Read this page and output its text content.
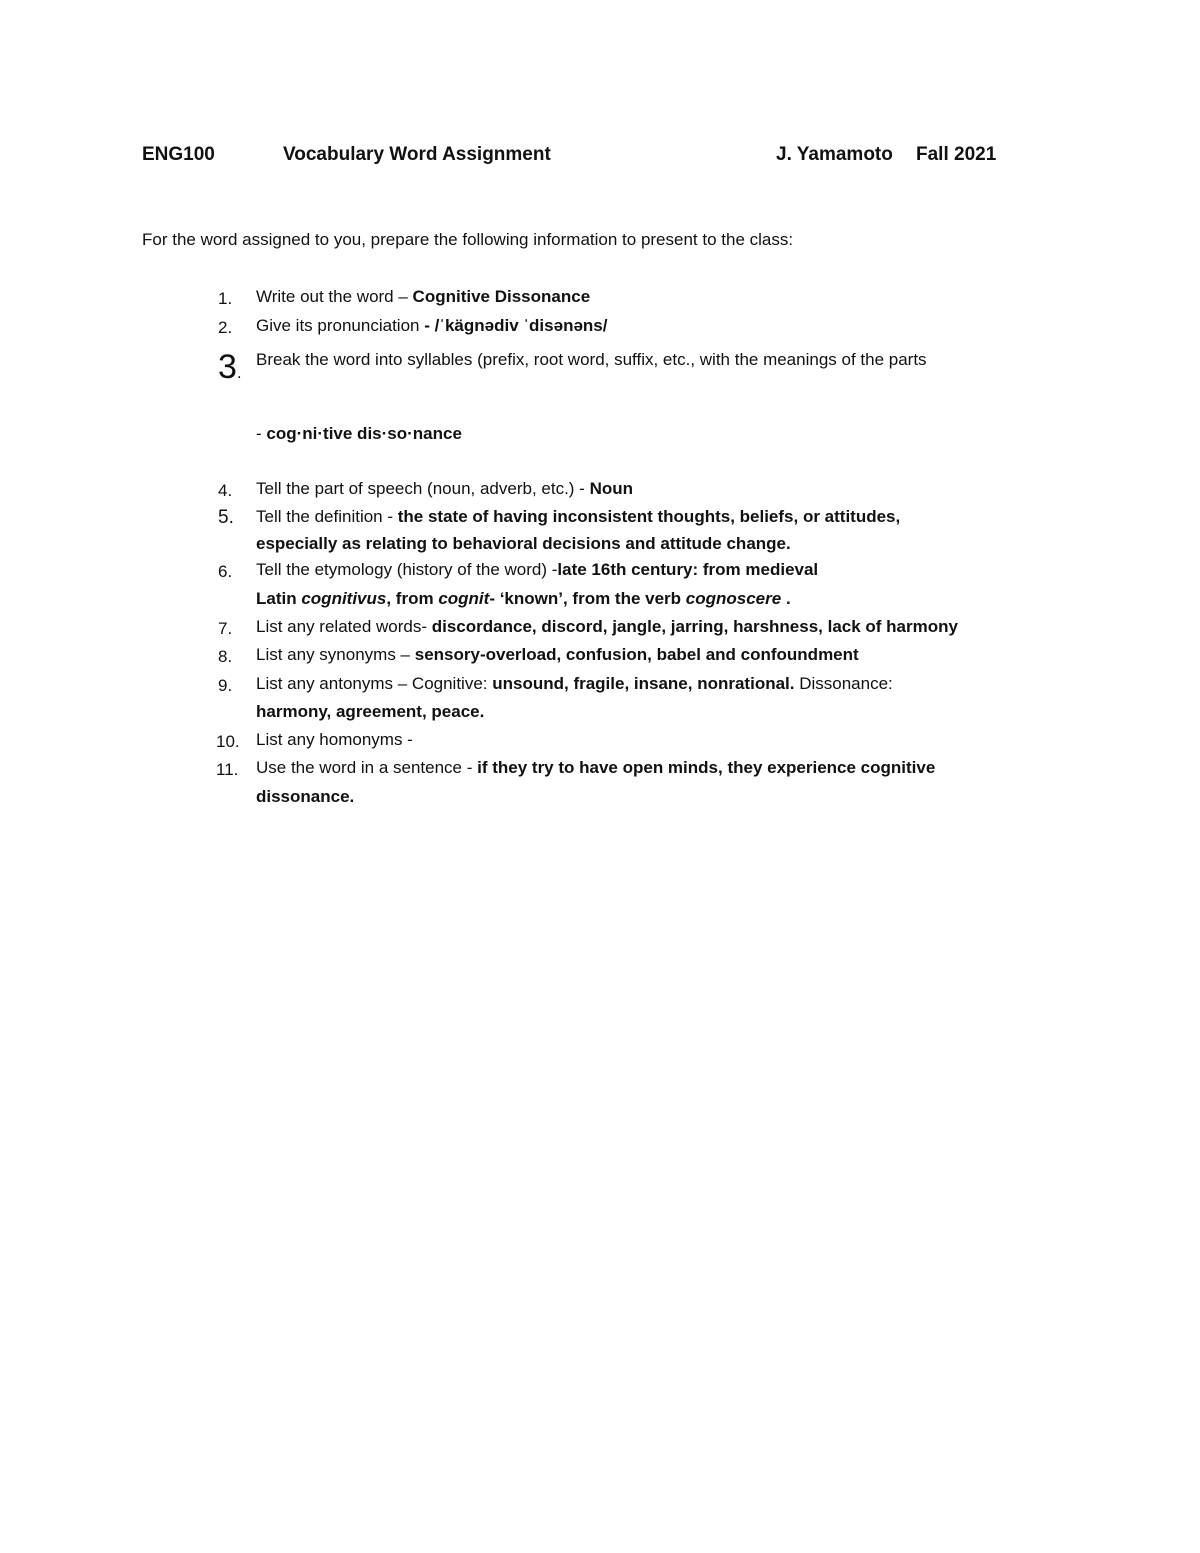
ENG100	Vocabulary Word Assignment	J. Yamamoto Fall 2021
For the word assigned to you, prepare the following information to present to the class:
1. Write out the word – Cognitive Dissonance
2. Give its pronunciation - /ˈkägnədiv ˈdisənəns/
3.
Break the word into syllables (prefix, root word, suffix, etc., with the meanings of the parts
- cog·ni·tive dis·so·nance
4. Tell the part of speech (noun, adverb, etc.) - Noun
5. Tell the definition - the state of having inconsistent thoughts, beliefs, or attitudes,
especially as relating to behavioral decisions and attitude change.
6. Tell the etymology (history of the word) -late 16th century: from medieval
Latin cognitivus, from cognit- ‘known’, from the verb cognoscere .
7. List any related words- discordance, discord, jangle, jarring, harshness, lack of harmony
8. List any synonyms – sensory-overload, confusion, babel and confoundment
9. List any antonyms – Cognitive: unsound, fragile, insane, nonrational. Dissonance:
harmony, agreement, peace.
10. List any homonyms -
11. Use the word in a sentence - if they try to have open minds, they experience cognitive
dissonance.
